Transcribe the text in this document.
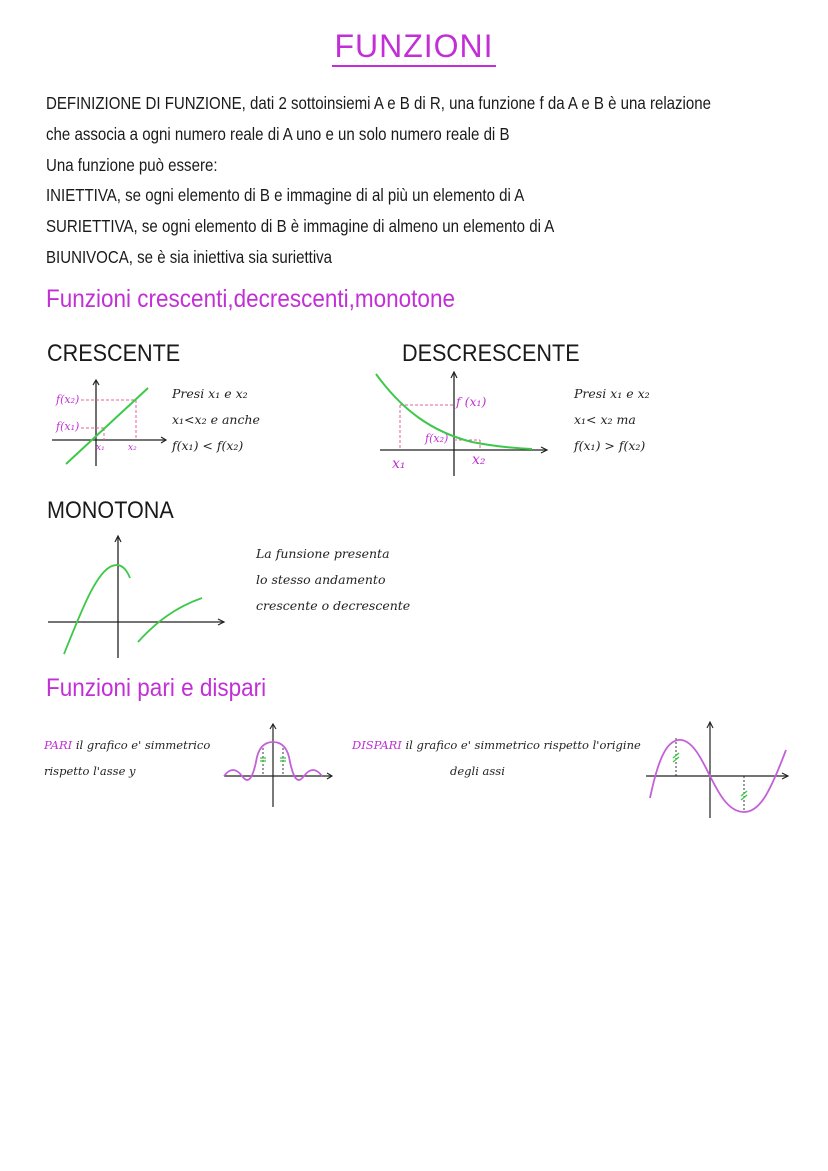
FUNZIONI
DEFINIZIONE DI FUNZIONE, dati 2 sottoinsiemi A e B di R, una funzione f da A e B è una relazione
che associa a ogni numero reale di A uno e un solo numero reale di B
Una funzione può essere:
INIETTIVA, se ogni elemento di B e immagine di al più un elemento di A
SURIETTIVA, se ogni elemento di B è immagine di almeno un elemento di A
BIUNIVOCA, se è sia iniettiva sia suriettiva
Funzioni crescenti,decrescenti,monotone
CRESCENTE
f(x₂)
f(x₁)
x₁	x₂
Presi x₁ e x₂
x₁<x₂ e anche
f(x₁) < f(x₂)
DESCRESCENTE
f (x₁)
f(x₂)
x₁	x₂
Presi x₁ e x₂
x₁< x₂ ma
f(x₁) > f(x₂)
MONOTONA
La funsione presenta
lo stesso andamento
crescente o decrescente
Funzioni pari e dispari
PARI il grafico e' simmetrico
rispetto l'asse y
DISPARI il grafico e' simmetrico rispetto l'origine
degli assi
